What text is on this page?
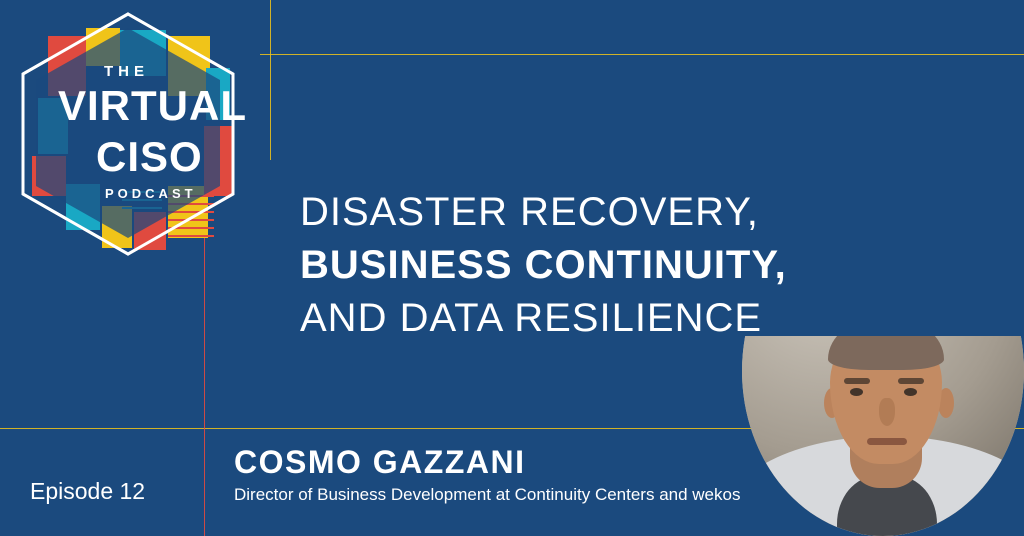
THE
VIRTUAL
CISO
PODCAST	DISASTER RECOVERY,
BUSINESS CONTINUITY,
AND DATA RESILIENCE
COSMO GAZZANI
Director of Business Development at Continuity Centers and wekos
Episode 12
